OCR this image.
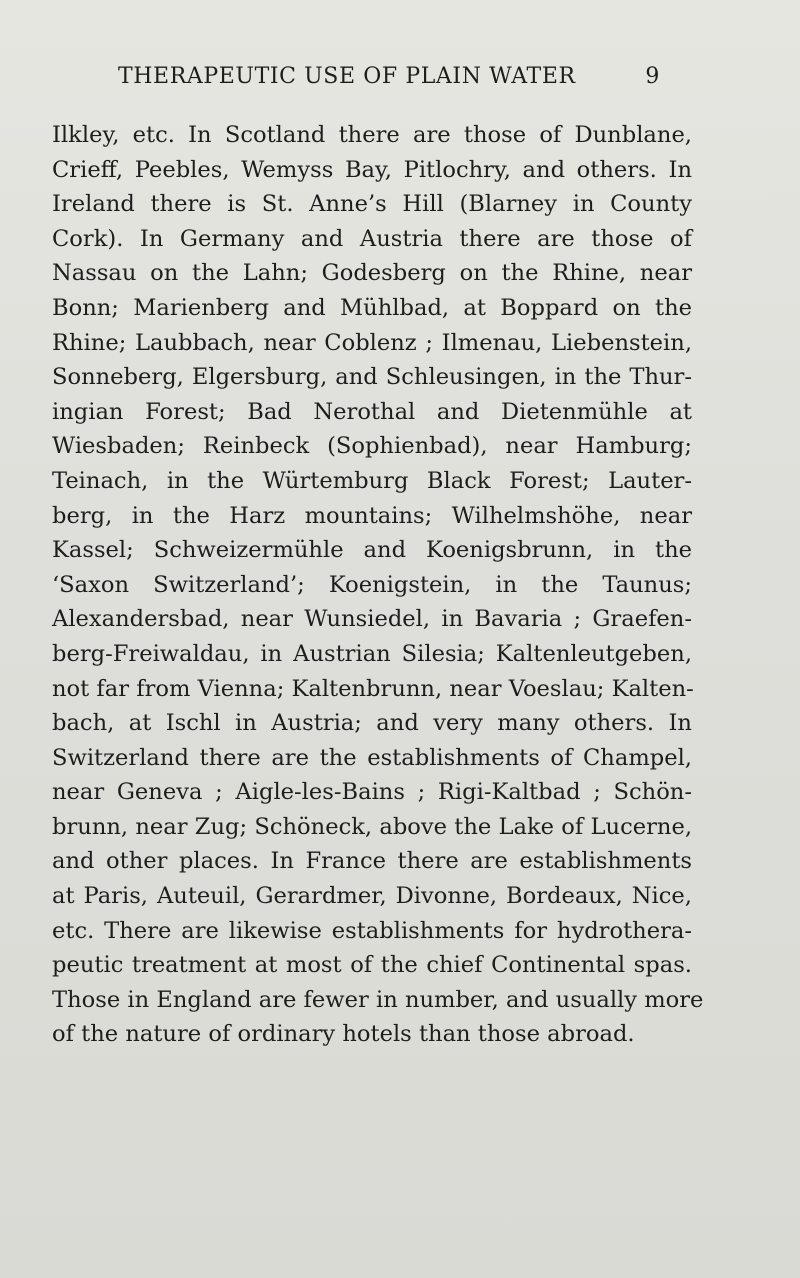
THERAPEUTIC USE OF PLAIN WATER	9
Ilkley, etc. In Scotland there are those of Dunblane,
Crieff, Peebles, Wemyss Bay, Pitlochry, and others. In
Ireland there is St. Anne’s Hill (Blarney in County
Cork). In Germany and Austria there are those of
Nassau on the Lahn; Godesberg on the Rhine, near
Bonn; Marienberg and Mühlbad, at Boppard on the
Rhine; Laubbach, near Coblenz ; Ilmenau, Liebenstein,
Sonneberg, Elgersburg, and Schleusingen, in the Thur-
ingian Forest; Bad Nerothal and Dietenmühle at
Wiesbaden; Reinbeck (Sophienbad), near Hamburg;
Teinach, in the Würtemburg Black Forest; Lauter-
berg, in the Harz mountains; Wilhelmshöhe, near
Kassel; Schweizermühle and Koenigsbrunn, in the
‘Saxon Switzerland’; Koenigstein, in the Taunus;
Alexandersbad, near Wunsiedel, in Bavaria ; Graefen-
berg-Freiwaldau, in Austrian Silesia; Kaltenleutgeben,
not far from Vienna; Kaltenbrunn, near Voeslau; Kalten-
bach, at Ischl in Austria; and very many others. In
Switzerland there are the establishments of Champel,
near Geneva ; Aigle-les-Bains ; Rigi-Kaltbad ; Schön-
brunn, near Zug; Schöneck, above the Lake of Lucerne,
and other places. In France there are establishments
at Paris, Auteuil, Gerardmer, Divonne, Bordeaux, Nice,
etc. There are likewise establishments for hydrothera-
peutic treatment at most of the chief Continental spas.
Those in England are fewer in number, and usually more
of the nature of ordinary hotels than those abroad.
